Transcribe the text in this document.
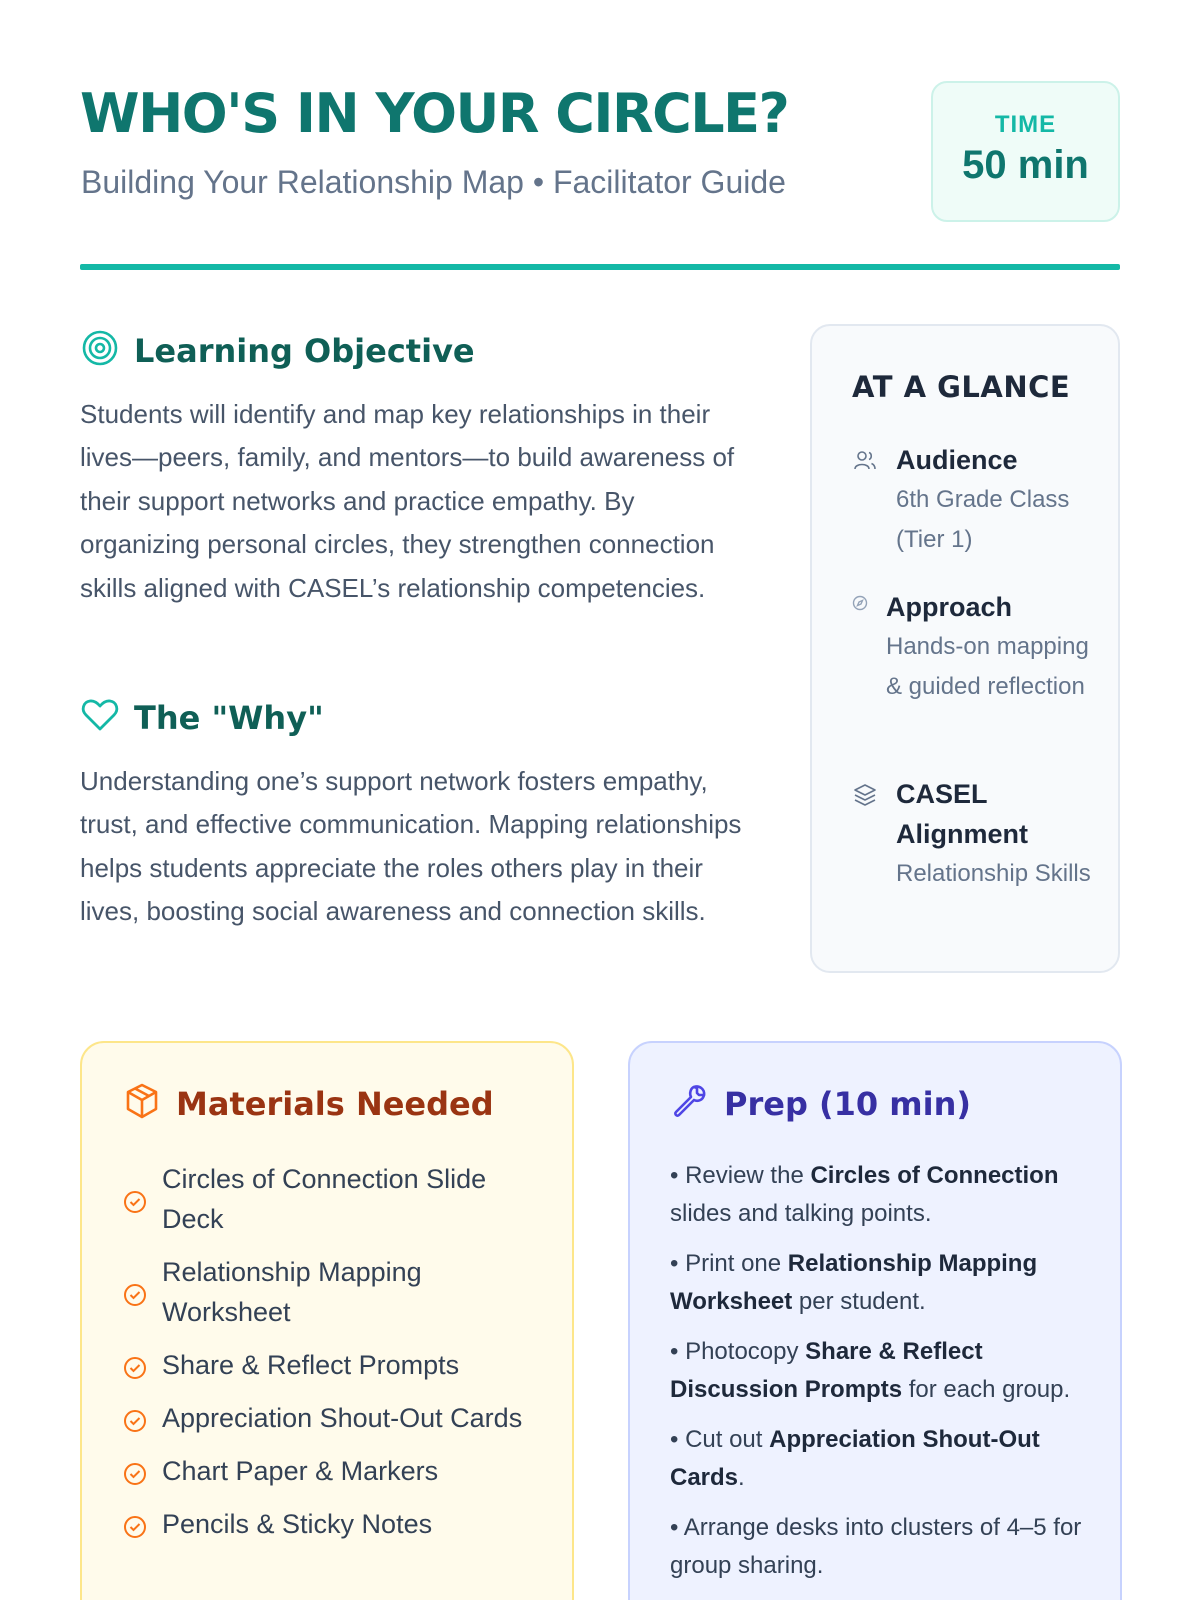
WHO'S IN YOUR CIRCLE?
Building Your Relationship Map • Facilitator Guide
TIME
50 min
Learning Objective
Students will identify and map key relationships in their lives—peers, family, and mentors—to build awareness of their support networks and practice empathy. By organizing personal circles, they strengthen connection skills aligned with CASEL’s relationship competencies.
The "Why"
Understanding one’s support network fosters empathy, trust, and effective communication. Mapping relationships helps students appreciate the roles others play in their lives, boosting social awareness and connection skills.
AT A GLANCE
Audience
6th Grade Class (Tier 1)
Approach
Hands-on mapping & guided reflection
CASEL Alignment
Relationship Skills
Materials Needed
Circles of Connection Slide Deck
Relationship Mapping Worksheet
Share & Reflect Prompts
Appreciation Shout-Out Cards
Chart Paper & Markers
Pencils & Sticky Notes
Prep (10 min)
• Review the Circles of Connection slides and talking points.
• Print one Relationship Mapping Worksheet per student.
• Photocopy Share & Reflect Discussion Prompts for each group.
• Cut out Appreciation Shout-Out Cards.
• Arrange desks into clusters of 4–5 for group sharing.
